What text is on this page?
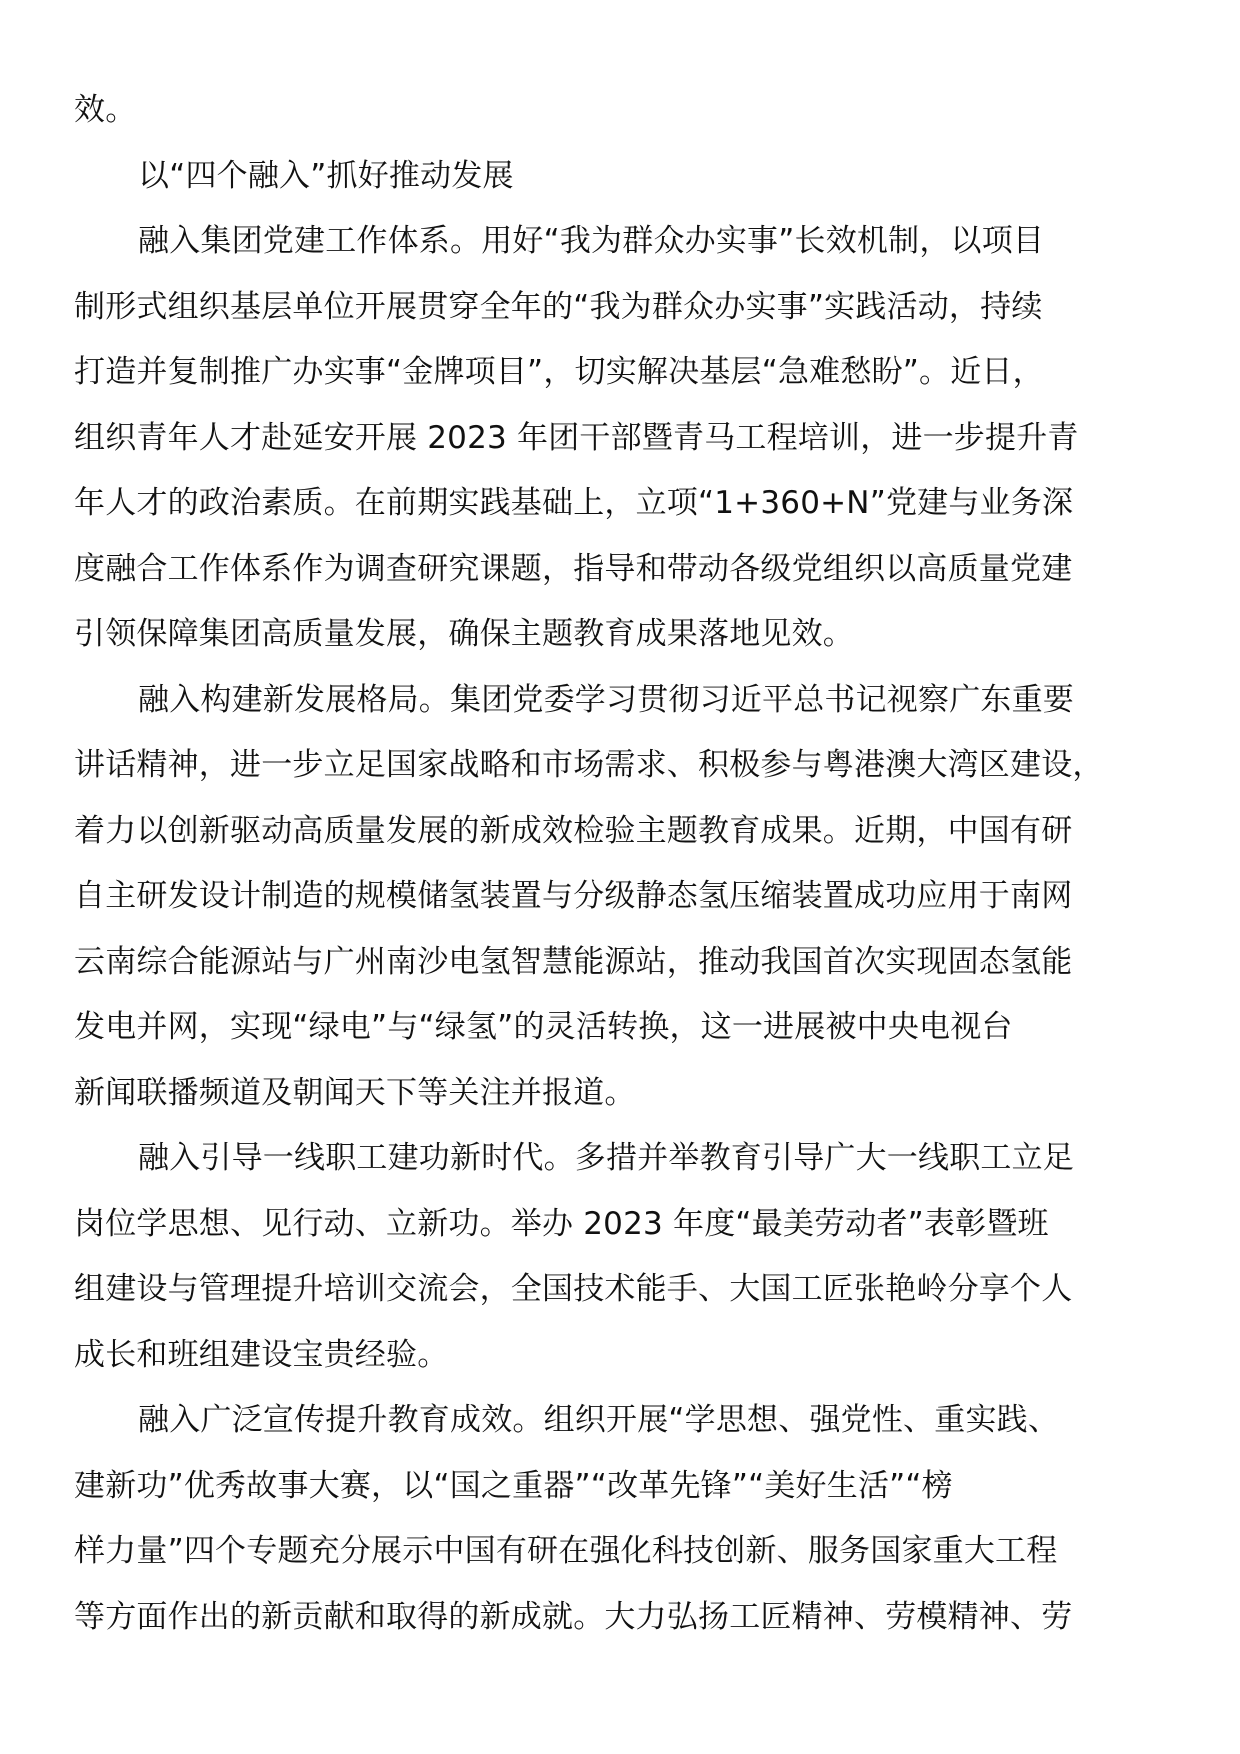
效。
以“四个融入”抓好推动发展
融入集团党建工作体系。用好“我为群众办实事”长效机制，以项目
制形式组织基层单位开展贯穿全年的“我为群众办实事”实践活动，持续
打造并复制推广办实事“金牌项目”，切实解决基层“急难愁盼”。近日，
组织青年人才赴延安开展 2023 年团干部暨青马工程培训，进一步提升青
年人才的政治素质。在前期实践基础上，立项“1+360+N”党建与业务深
度融合工作体系作为调查研究课题，指导和带动各级党组织以高质量党建
引领保障集团高质量发展，确保主题教育成果落地见效。
融入构建新发展格局。集团党委学习贯彻习近平总书记视察广东重要
讲话精神，进一步立足国家战略和市场需求、积极参与粤港澳大湾区建设，
着力以创新驱动高质量发展的新成效检验主题教育成果。近期，中国有研
自主研发设计制造的规模储氢装置与分级静态氢压缩装置成功应用于南网
云南综合能源站与广州南沙电氢智慧能源站，推动我国首次实现固态氢能
发电并网，实现“绿电”与“绿氢”的灵活转换，这一进展被中央电视台
新闻联播频道及朝闻天下等关注并报道。
融入引导一线职工建功新时代。多措并举教育引导广大一线职工立足
岗位学思想、见行动、立新功。举办 2023 年度“最美劳动者”表彰暨班
组建设与管理提升培训交流会，全国技术能手、大国工匠张艳岭分享个人
成长和班组建设宝贵经验。
融入广泛宣传提升教育成效。组织开展“学思想、强党性、重实践、
建新功”优秀故事大赛，以“国之重器”“改革先锋”“美好生活”“榜
样力量”四个专题充分展示中国有研在强化科技创新、服务国家重大工程
等方面作出的新贡献和取得的新成就。大力弘扬工匠精神、劳模精神、劳
